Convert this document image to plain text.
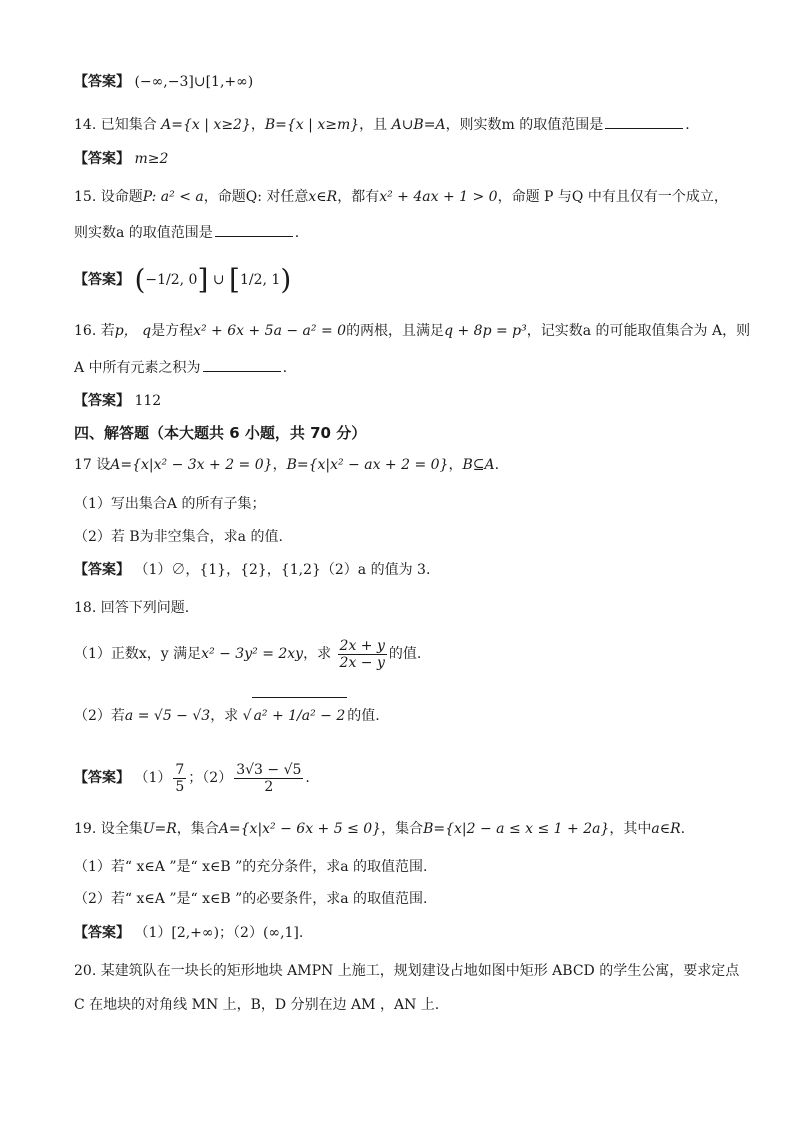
【答案】 (−∞,−3]∪[1,+∞)
14. 已知集合 A={x | x≥2}，B={x | x≥m}，且 A∪B=A，则实数m 的取值范围是	.
【答案】 m≥2
15. 设命题P: a² < a，命题Q: 对任意x∈R，都有x² + 4ax + 1 > 0，命题 P 与Q 中有且仅有一个成立，
则实数a 的取值范围是	.
【答案】 (−1/2, 0] ∪ [1/2, 1)
16. 若p， q是方程x² + 6x + 5a − a² = 0的两根，且满足q + 8p = p³，记实数a 的可能取值集合为 A，则
A 中所有元素之积为	.
【答案】 112
四、解答题（本大题共 6 小题，共 70 分）
17 设A={x|x² − 3x + 2 = 0}，B={x|x² − ax + 2 = 0}，B⊆A.
（1）写出集合A 的所有子集；
（2）若 B为非空集合，求a 的值.
【答案】 （1）∅，{1}，{2}，{1,2}（2）a 的值为 3.
18. 回答下列问题.
（1）正数x，y 满足x² − 3y² = 2xy，求 $\frac{2x + y}{2x - y}$ 的值.
（2）若a = √5 − √3，求 √ a² + 1/a² − 2 的值.
【答案】 $(1) \frac{7}{5}$ ；$(2) \frac{3√3 - √5}{2}$ .
19. 设全集U=R，集合A={x|x² − 6x + 5 ≤ 0}，集合B={x|2 − a ≤ x ≤ 1 + 2a}，其中a∈R.
（1）若“ x∈A ”是“ x∈B ”的充分条件，求a 的取值范围.
（2）若“ x∈A ”是“ x∈B ”的必要条件，求a 的取值范围.
【答案】 （1）[2,+∞)；（2）(∞,1].
20. 某建筑队在一块长的矩形地块 AMPN 上施工，规划建设占地如图中矩形 ABCD 的学生公寓，要求定点
C 在地块的对角线 MN 上，B，D 分别在边 AM ，AN 上.
